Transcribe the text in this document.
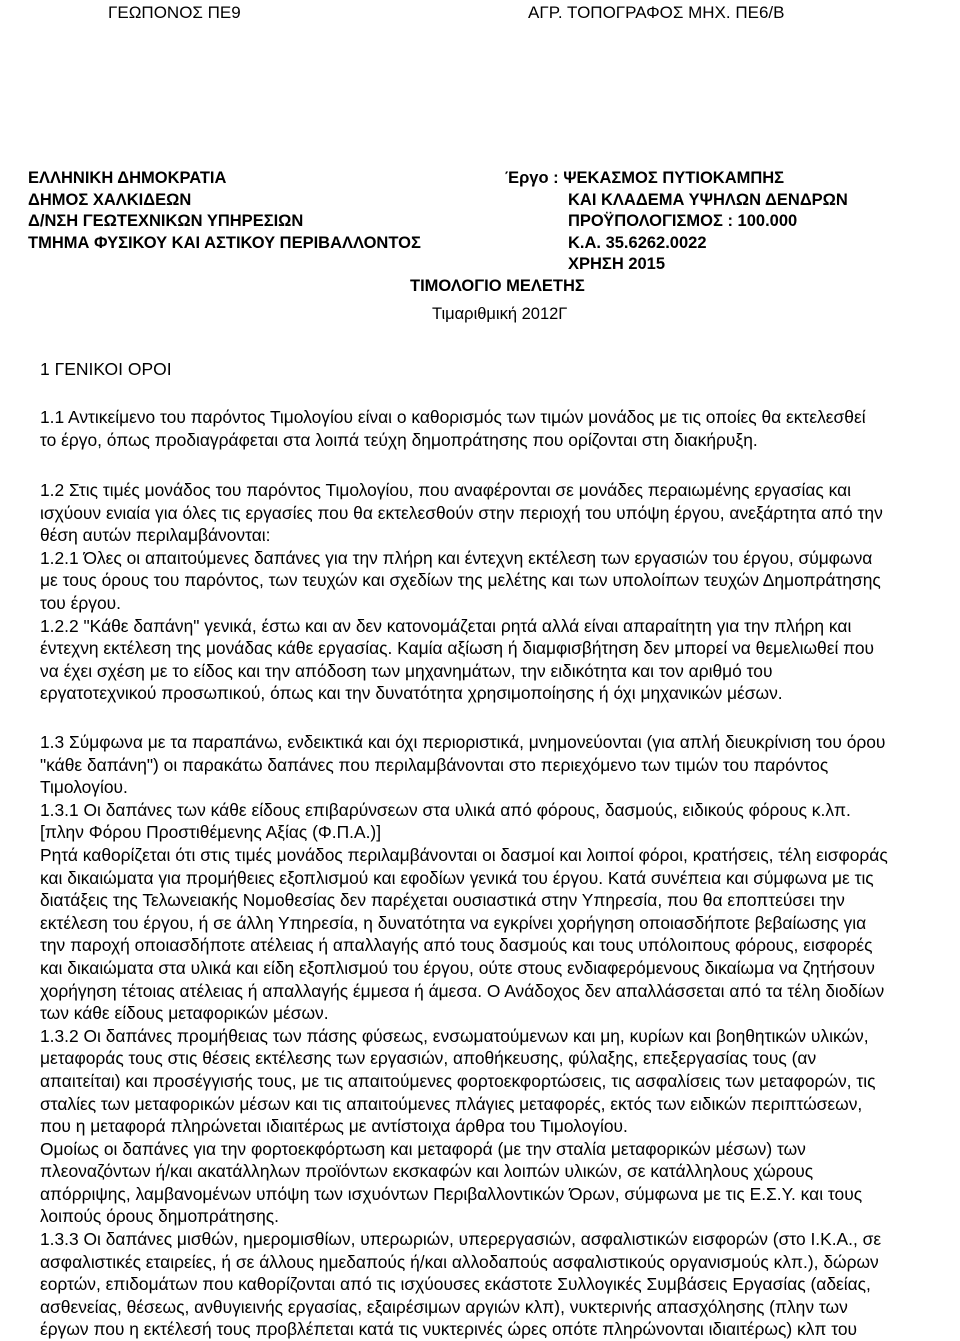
ΓΕΩΠΟΝΟΣ ΠΕ9	ΑΓΡ. ΤΟΠΟΓΡΑΦΟΣ ΜΗΧ. ΠΕ6/Β
ΕΛΛΗΝΙΚΗ ΔΗΜΟΚΡΑΤΙΑ
ΔΗΜΟΣ ΧΑΛΚΙΔΕΩΝ
Δ/ΝΣΗ ΓΕΩΤΕΧΝΙΚΩΝ ΥΠΗΡΕΣΙΩΝ
ΤΜΗΜΑ ΦΥΣΙΚΟΥ ΚΑΙ ΑΣΤΙΚΟΥ ΠΕΡΙΒΑΛΛΟΝΤΟΣ
Έργο : ΨΕΚΑΣΜΟΣ ΠΥΤΙΟΚΑΜΠΗΣ
ΚΑΙ ΚΛΑΔΕΜΑ ΥΨΗΛΩΝ ΔΕΝΔΡΩΝ
ΠΡΟΫΠΟΛΟΓΙΣΜΟΣ : 100.000
Κ.Α. 35.6262.0022
ΧΡΗΣΗ 2015
ΤΙΜΟΛΟΓΙΟ ΜΕΛΕΤΗΣ
Τιμαριθμική 2012Γ
1 ΓΕΝΙΚΟΙ ΟΡΟΙ
1.1 Αντικείμενο του παρόντος Τιμολογίου είναι ο καθορισμός των τιμών μονάδος με τις οποίες θα εκτελεσθεί
το έργο, όπως προδιαγράφεται στα λοιπά τεύχη δημοπράτησης που ορίζονται στη διακήρυξη.
1.2 Στις τιμές μονάδος του παρόντος Τιμολογίου, που αναφέρονται σε μονάδες περαιωμένης εργασίας και
ισχύουν ενιαία για όλες τις εργασίες που θα εκτελεσθούν στην περιοχή του υπόψη έργου, ανεξάρτητα από την
θέση αυτών περιλαμβάνονται:
1.2.1 Όλες οι απαιτούμενες δαπάνες για την πλήρη και έντεχνη εκτέλεση των εργασιών του έργου, σύμφωνα
με τους όρους του παρόντος, των τευχών και σχεδίων της μελέτης και των υπολοίπων τευχών Δημοπράτησης
του έργου.
1.2.2 "Κάθε δαπάνη" γενικά, έστω και αν δεν κατονομάζεται ρητά αλλά είναι απαραίτητη για την πλήρη και
έντεχνη εκτέλεση της μονάδας κάθε εργασίας. Καμία αξίωση ή διαμφισβήτηση δεν μπορεί να θεμελιωθεί που
να έχει σχέση με το είδος και την απόδοση των μηχανημάτων, την ειδικότητα και τον αριθμό του
εργατοτεχνικού προσωπικού, όπως και την δυνατότητα χρησιμοποίησης ή όχι μηχανικών μέσων.
1.3 Σύμφωνα με τα παραπάνω, ενδεικτικά και όχι περιοριστικά, μνημονεύονται (για απλή διευκρίνιση του όρου
"κάθε δαπάνη") οι παρακάτω δαπάνες που περιλαμβάνονται στο περιεχόμενο των τιμών του παρόντος
Τιμολογίου.
1.3.1 Οι δαπάνες των κάθε είδους επιβαρύνσεων στα υλικά από φόρους, δασμούς, ειδικούς φόρους κ.λπ.
[πλην Φόρου Προστιθέμενης Αξίας (Φ.Π.Α.)]
Ρητά καθορίζεται ότι στις τιμές μονάδος περιλαμβάνονται οι δασμοί και λοιποί φόροι, κρατήσεις, τέλη εισφοράς
και δικαιώματα για προμήθειες εξοπλισμού και εφοδίων γενικά του έργου. Κατά συνέπεια και σύμφωνα με τις
διατάξεις της Τελωνειακής Νομοθεσίας δεν παρέχεται ουσιαστικά στην Υπηρεσία, που θα εποπτεύσει την
εκτέλεση του έργου, ή σε άλλη Υπηρεσία, η δυνατότητα να εγκρίνει χορήγηση οποιασδήποτε βεβαίωσης για
την παροχή οποιασδήποτε ατέλειας ή απαλλαγής από τους δασμούς και τους υπόλοιπους φόρους, εισφορές
και δικαιώματα στα υλικά και είδη εξοπλισμού του έργου, ούτε στους ενδιαφερόμενους δικαίωμα να ζητήσουν
χορήγηση τέτοιας ατέλειας ή απαλλαγής έμμεσα ή άμεσα. Ο Ανάδοχος δεν απαλλάσσεται από τα τέλη διοδίων
των κάθε είδους μεταφορικών μέσων.
1.3.2 Οι δαπάνες προμήθειας των πάσης φύσεως, ενσωματούμενων και μη, κυρίων και βοηθητικών υλικών,
μεταφοράς τους στις θέσεις εκτέλεσης των εργασιών, αποθήκευσης, φύλαξης, επεξεργασίας τους (αν
απαιτείται) και προσέγγισής τους, με τις απαιτούμενες φορτοεκφορτώσεις, τις ασφαλίσεις των μεταφορών, τις
σταλίες των μεταφορικών μέσων και τις απαιτούμενες πλάγιες μεταφορές, εκτός των ειδικών περιπτώσεων,
που η μεταφορά πληρώνεται ιδιαιτέρως με αντίστοιχα άρθρα του Τιμολογίου.
Ομοίως οι δαπάνες για την φορτοεκφόρτωση και μεταφορά (με την σταλία μεταφορικών μέσων) των
πλεοναζόντων ή/και ακατάλληλων προϊόντων εκσκαφών και λοιπών υλικών, σε κατάλληλους χώρους
απόρριψης, λαμβανομένων υπόψη των ισχυόντων Περιβαλλοντικών Όρων, σύμφωνα με τις Ε.Σ.Υ. και τους
λοιπούς όρους δημοπράτησης.
1.3.3 Οι δαπάνες μισθών, ημερομισθίων, υπερωριών, υπερεργασιών, ασφαλιστικών εισφορών (στο Ι.Κ.Α., σε
ασφαλιστικές εταιρείες, ή σε άλλους ημεδαπούς ή/και αλλοδαπούς ασφαλιστικούς οργανισμούς κλπ.), δώρων
εορτών, επιδομάτων που καθορίζονται από τις ισχύουσες εκάστοτε Συλλογικές Συμβάσεις Εργασίας (αδείας,
ασθενείας, θέσεως, ανθυγιεινής εργασίας, εξαιρέσιμων αργιών κλπ), νυκτερινής απασχόλησης (πλην των
έργων που η εκτέλεσή τους προβλέπεται κατά τις νυκτερινές ώρες οπότε πληρώνονται ιδιαιτέρως) κλπ του
